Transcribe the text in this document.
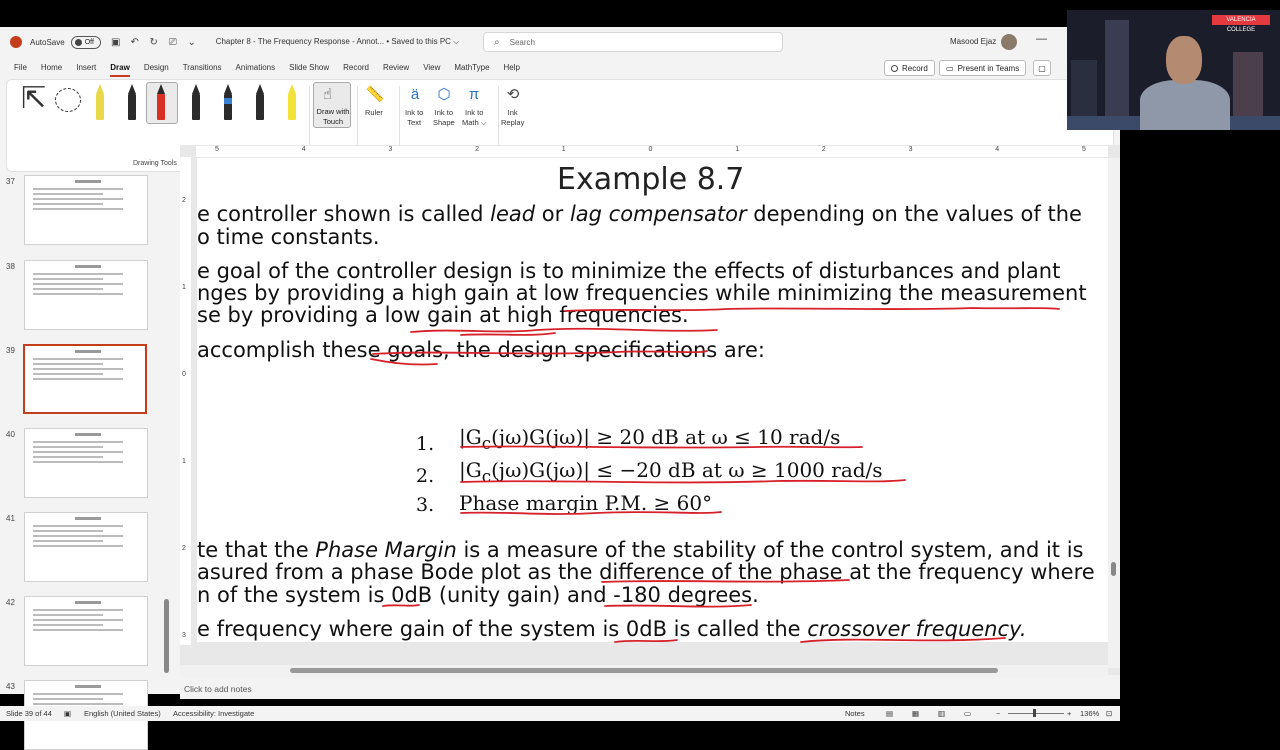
AutoSave	Off ▣ ↶ ↻	⎚	⌄	Chapter 8 - The Frequency Response - Annot... • Saved to this PC ⌵	⌕ Search	Masood Ejaz	—
File Home Insert Draw Design Transitions Animations Slide Show Record Review View MathType Help	Record ▭ Present in Teams ▢
⇱
Drawing Tools
☝
Draw with
Touch
📏
Ruler
ä
Ink to
Text
⬡
Ink to
Shape
π
Ink to
Math ⌵
⟲
Ink
Replay
37
38
39
40
41
42
43
5	4	3	2	1	0	1	2	3	4	5
2
1
0
1
2
3
Example 8.7
e controller shown is called lead or lag compensator depending on the values of the
o time constants.
e goal of the controller design is to minimize the effects of disturbances and plant
nges by providing a high gain at low frequencies while minimizing the measurement
se by providing a low gain at high frequencies.
accomplish these goals, the design specifications are:
1. $|G_c(j\omega)G(j\omega)| \ge 20$ dB at ω ≤ 10 rad/s
2. $|G_c(j\omega)G(j\omega)| \le -20$ dB at ω ≥ 1000 rad/s
3. Phase margin P.M. ≥ 60°
te that the Phase Margin is a measure of the stability of the control system, and it is
asured from a phase Bode plot as the difference of the phase at the frequency where
n of the system is 0dB (unity gain) and -180 degrees.
e frequency where gain of the system is 0dB is called the crossover frequency.
Click to add notes
Slide 39 of 44 ▣ English (United States) Accessibility: Investigate	Notes	▤	▦	▥	▭	−	+ 136% ⊡
VALENCIA COLLEGE
